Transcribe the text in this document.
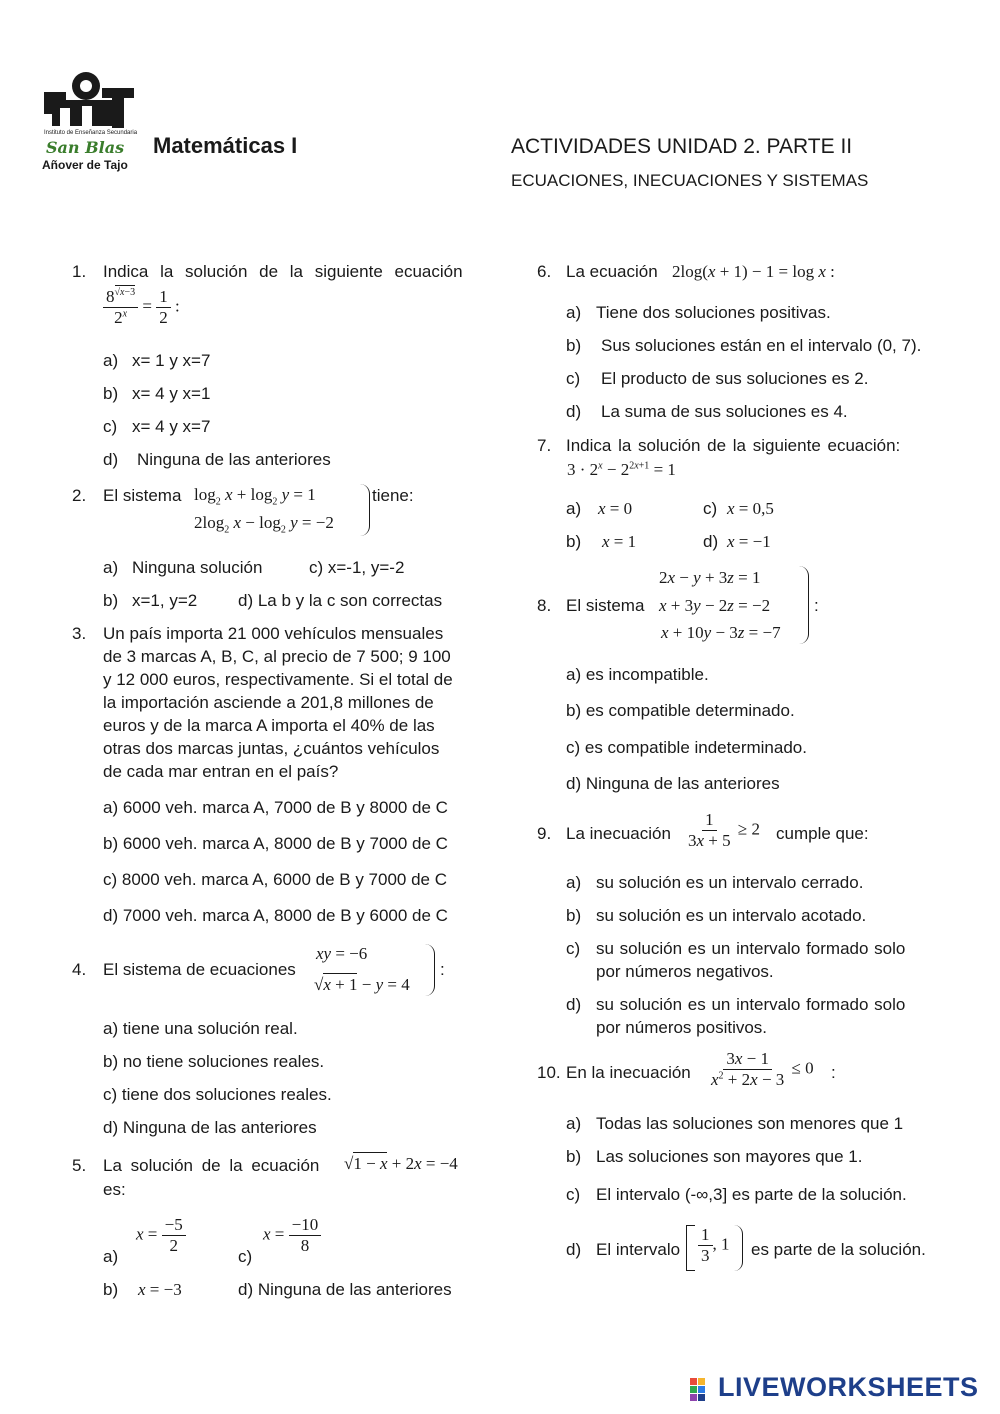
Instituto de Enseñanza Secundaria
San Blas
Añover de Tajo
Matemáticas I	ACTIVIDADES UNIDAD 2. PARTE II
ECUACIONES, INECUACIONES Y SISTEMAS
1. Indica la solución de la siguiente ecuación
$\frac{8^{√x-3}}{2^x} = \frac{1}{2}$ :
a) x= 1 y x=7
b) x= 4 y x=1
c) x= 4 y x=7
d) Ninguna de las anteriores
2. El sistema $\log_2 x + \log_2 y = 1$
$2\log_2$ $x - \log_2 y = -2$
tiene:
a) Ninguna solución	c) x=-1, y=-2
b) x=1, y=2 d) La b y la c son correctas
3. Un país importa 21 000 vehículos mensuales
de 3 marcas A, B, C, al precio de 7 500; 9 100
y 12 000 euros, respectivamente. Si el total de
la importación asciende a 201,8 millones de
euros y de la marca A importa el 40% de las
otras dos marcas juntas, ¿cuántos vehículos
de cada mar entran en el país?
a) 6000 veh. marca A, 7000 de B y 8000 de C
b) 6000 veh. marca A, 8000 de B y 7000 de C
c) 8000 veh. marca A, 6000 de B y 7000 de C
d) 7000 veh. marca A, 8000 de B y 6000 de C
4. El sistema de ecuaciones
xy = −6
√x + 1 − y = 4
:
a) tiene una solución real.
b) no tiene soluciones reales.
c) tiene dos soluciones reales.
d) Ninguna de las anteriores
5. La solución de la ecuación √1 − x + 2x = −4
es:
a)
$x = \frac{-5}{2}$
c)
$x = \frac{-10}{8}$
b) x = −3	d) Ninguna de las anteriores
6. La ecuación 2log(x + 1) − 1 = log x :
a) Tiene dos soluciones positivas.
b) Sus soluciones están en el intervalo (0, 7).
c) El producto de sus soluciones es 2.
d) La suma de sus soluciones es 4.
7. Indica la solución de la siguiente ecuación:
$3 \cdot 2^x - 2^{2x+1} = 1$
a) x = 0	c) x = 0,5
b) x = 1	d) x = −1
8. El sistema
2x − y + 3z = 1
x + 3y − 2z = −2
x + 10y − 3z = −7
:
a) es incompatible.
b) es compatible determinado.
c) es compatible indeterminado.
d) Ninguna de las anteriores
9. La inecuación $\frac{1}{3x + 5} \ge 2$ cumple que:
a) su solución es un intervalo cerrado.
b) su solución es un intervalo acotado.
c) su solución es un intervalo formado solo
por números negativos.
d) su solución es un intervalo formado solo
por números positivos.
10. En la inecuación $\frac{3x - 1}{x^2 + 2x - 3} \le 0$ :
a) Todas las soluciones son menores que 1
b) Las soluciones son mayores que 1.
c) El intervalo (-∞,3] es parte de la solución.
d) El intervalo $\frac{1}{3}$ , 1 es parte de la solución.
LIVEWORKSHEETS
